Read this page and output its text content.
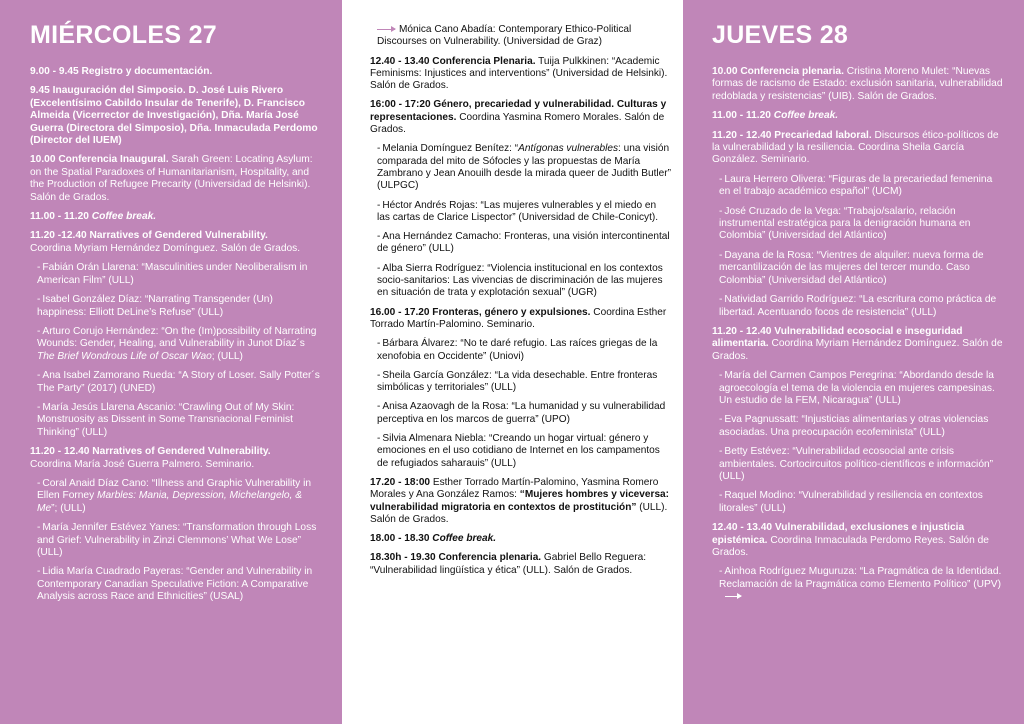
MIÉRCOLES 27
9.00 - 9.45 Registro y documentación.
9.45 Inauguración del Simposio. D. José Luis Rivero (Excelentísimo Cabildo Insular de Tenerife), D. Francisco Almeida (Vicerrector de Investigación), Dña. María José Guerra (Directora del Simposio), Dña. Inmaculada Perdomo (Director del IUEM)
10.00 Conferencia Inaugural. Sarah Green: Locating Asylum: on the Spatial Paradoxes of Humanitarianism, Hospitality, and the Production of Refugee Precarity (Universidad de Helsinki). Salón de Grados.
11.00 - 11.20 Coffee break.
11.20 -12.40 Narratives of Gendered Vulnerability.
Coordina Myriam Hernández Domínguez. Salón de Grados.
- Fabián Orán Llarena: “Masculinities under Neoliberalism in American Film” (ULL)
- Isabel González Díaz: “Narrating Transgender (Un) happiness: Elliott DeLine’s Refuse” (ULL)
- Arturo Corujo Hernández: “On the (Im)possibility of Narrating Wounds: Gender, Healing, and Vulnerability in Junot Díaz´s The Brief Wondrous Life of Oscar Wao; (ULL)
- Ana Isabel Zamorano Rueda: “A Story of Loser. Sally Potter´s The Party” (2017) (UNED)
- María Jesús Llarena Ascanio: “Crawling Out of My Skin: Monstruosity as Dissent in Some Transnacional Feminist Thinking” (ULL)
11.20 - 12.40 Narratives of Gendered Vulnerability.
Coordina María José Guerra Palmero. Seminario.
- Coral Anaid Díaz Cano: “Illness and Graphic Vulnerability in Ellen Forney Marbles: Mania, Depression, Michelangelo, & Me”; (ULL)
- María Jennifer Estévez Yanes: “Transformation through Loss and Grief: Vulnerability in Zinzi Clemmons’ What We Lose” (ULL)
- Lidia María Cuadrado Payeras: “Gender and Vulnerability in Contemporary Canadian Speculative Fiction: A Comparative Analysis across Race and Ethnicities” (USAL)
Mónica Cano Abadía: Contemporary Ethico-Political Discourses on Vulnerability. (Universidad de Graz)
12.40 - 13.40 Conferencia Plenaria. Tuija Pulkkinen: “Academic Feminisms: Injustices and interventions” (Universidad de Helsinki). Salón de Grados.
16:00 - 17:20 Género, precariedad y vulnerabilidad. Culturas y representaciones. Coordina Yasmina Romero Morales. Salón de Grados.
- Melania Domínguez Benítez: “Antígonas vulnerables: una visión comparada del mito de Sófocles y las propuestas de María Zambrano y Jean Anouilh desde la mirada queer de Judith Butler” (ULPGC)
- Héctor Andrés Rojas: “Las mujeres vulnerables y el miedo en las cartas de Clarice Lispector” (Universidad de Chile-Conicyt).
- Ana Hernández Camacho: Fronteras, una visión intercontinental de género” (ULL)
- Alba Sierra Rodríguez: “Violencia institucional en los contextos socio-sanitarios: Las vivencias de discriminación de las mujeres en situación de trata y explotación sexual” (UGR)
16.00 - 17.20 Fronteras, género y expulsiones. Coordina Esther Torrado Martín-Palomino. Seminario.
- Bárbara Álvarez: “No te daré refugio. Las raíces griegas de la xenofobia en Occidente” (Uniovi)
- Sheila García González: “La vida desechable. Entre fronteras simbólicas y territoriales” (ULL)
- Anisa Azaovagh de la Rosa: “La humanidad y su vulnerabilidad perceptiva en los marcos de guerra” (UPO)
- Silvia Almenara Niebla: “Creando un hogar virtual: género y emociones en el uso cotidiano de Internet en los campamentos de refugiados saharauis” (ULL)
17.20 - 18:00 Esther Torrado Martín-Palomino, Yasmina Romero Morales y Ana González Ramos: “Mujeres hombres y viceversa: vulnerabilidad migratoria en contextos de prostitución” (ULL). Salón de Grados.
18.00 - 18.30 Coffee break.
18.30h - 19.30 Conferencia plenaria. Gabriel Bello Reguera: “Vulnerabilidad lingüística y ética” (ULL). Salón de Grados.
JUEVES 28
10.00 Conferencia plenaria. Cristina Moreno Mulet: “Nuevas formas de racismo de Estado: exclusión sanitaria, vulnerabilidad redoblada y resistencias” (UIB). Salón de Grados.
11.00 - 11.20 Coffee break.
11.20 - 12.40 Precariedad laboral. Discursos ético-políticos de la vulnerabilidad y la resiliencia. Coordina Sheila García González. Seminario.
- Laura Herrero Olivera: “Figuras de la precariedad femenina en el trabajo académico español” (UCM)
- José Cruzado de la Vega: “Trabajo/salario, relación instrumental estratégica para la denigración humana en Colombia” (Universidad del Atlántico)
- Dayana de la Rosa: “Vientres de alquiler: nueva forma de mercantilización de las mujeres del tercer mundo. Caso Colombia” (Universidad del Atlántico)
- Natividad Garrido Rodríguez: “La escritura como práctica de libertad. Acentuando focos de resistencia” (ULL)
11.20 - 12.40 Vulnerabilidad ecosocial e inseguridad alimentaria. Coordina Myriam Hernández Domínguez. Salón de Grados.
- María del Carmen Campos Peregrina: “Abordando desde la agroecología el tema de la violencia en mujeres campesinas. Un estudio de la FEM, Nicaragua” (ULL)
- Eva Pagnussatt: “Injusticias alimentarias y otras violencias asociadas. Una preocupación ecofeminista” (ULL)
- Betty Estévez: “Vulnerabilidad ecosocial ante crisis ambientales. Cortocircuitos político-científicos e información” (ULL)
- Raquel Modino: “Vulnerabilidad y resiliencia en contextos litorales” (ULL)
12.40 - 13.40 Vulnerabilidad, exclusiones e injusticia epistémica. Coordina Inmaculada Perdomo Reyes. Salón de Grados.
- Ainhoa Rodríguez Muguruza: “La Pragmática de la Identidad. Reclamación de la Pragmática como Elemento Político” (UPV)
